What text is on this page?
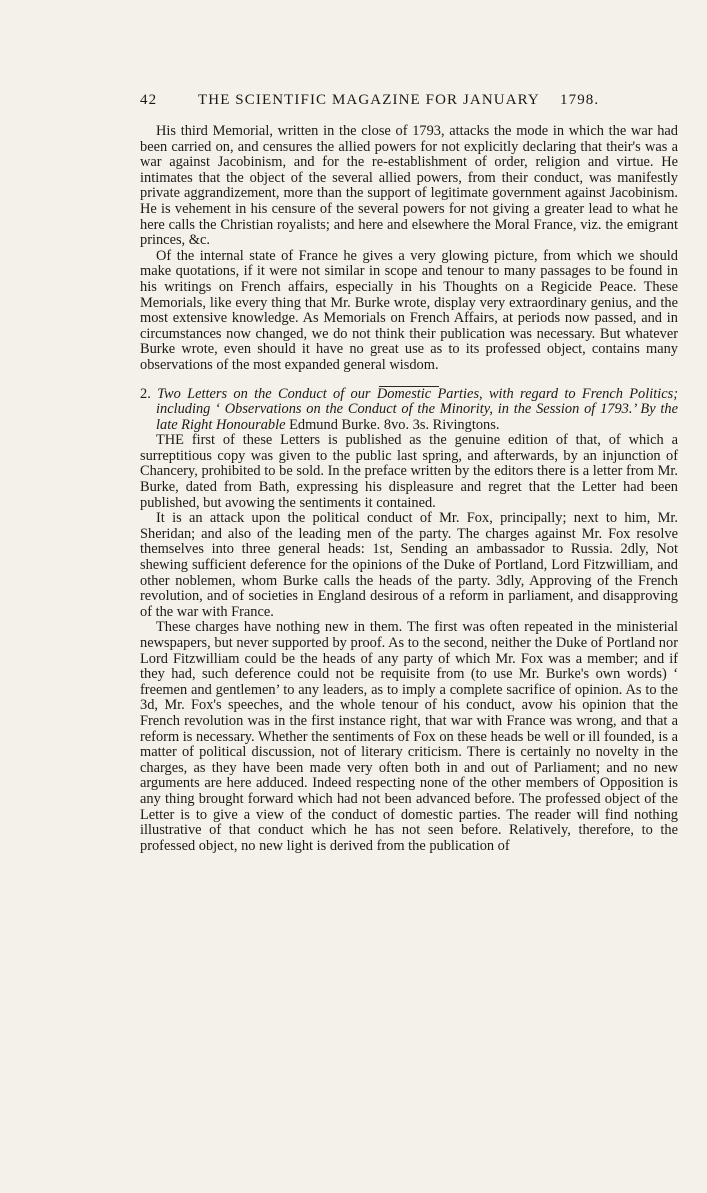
42	THE SCIENTIFIC MAGAZINE FOR JANUARY 1798.

His third Memorial, written in the close of 1793, attacks the mode in which the war had been carried on, and censures the allied powers for not explicitly declaring that their's was a war against Jacobinism, and for the re-establishment of order, religion and virtue. He intimates that the object of the several allied powers, from their conduct, was manifestly private aggrandizement, more than the support of legitimate government against Jacobinism. He is vehement in his censure of the several powers for not giving a greater lead to what he here calls the Christian royalists; and here and elsewhere the Moral France, viz. the emigrant princes, &c.

Of the internal state of France he gives a very glowing picture, from which we should make quotations, if it were not similar in scope and tenour to many passages to be found in his writings on French affairs, especially in his Thoughts on a Regicide Peace. These Memorials, like every thing that Mr. Burke wrote, display very extraordinary genius, and the most extensive knowledge. As Memorials on French Affairs, at periods now passed, and in circumstances now changed, we do not think their publication was necessary. But whatever Burke wrote, even should it have no great use as to its professed object, contains many observations of the most expanded general wisdom.

2. Two Letters on the Conduct of our Domestic Parties, with regard to French Politics; including ‘ Observations on the Conduct of the Minority, in the Session of 1793.’ By the late Right Honourable Edmund Burke. 8vo. 3s. Rivingtons.

THE first of these Letters is published as the genuine edition of that, of which a surreptitious copy was given to the public last spring, and afterwards, by an injunction of Chancery, prohibited to be sold. In the preface written by the editors there is a letter from Mr. Burke, dated from Bath, expressing his displeasure and regret that the Letter had been published, but avowing the sentiments it contained.

It is an attack upon the political conduct of Mr. Fox, principally; next to him, Mr. Sheridan; and also of the leading men of the party. The charges against Mr. Fox resolve themselves into three general heads: 1st, Sending an ambassador to Russia. 2dly, Not shewing sufficient deference for the opinions of the Duke of Portland, Lord Fitzwilliam, and other noblemen, whom Burke calls the heads of the party. 3dly, Approving of the French revolution, and of societies in England desirous of a reform in parliament, and disapproving of the war with France.

These charges have nothing new in them. The first was often repeated in the ministerial newspapers, but never supported by proof. As to the second, neither the Duke of Portland nor Lord Fitzwilliam could be the heads of any party of which Mr. Fox was a member; and if they had, such deference could not be requisite from (to use Mr. Burke's own words) ‘ freemen and gentlemen’ to any leaders, as to imply a complete sacrifice of opinion. As to the 3d, Mr. Fox's speeches, and the whole tenour of his conduct, avow his opinion that the French revolution was in the first instance right, that war with France was wrong, and that a reform is necessary. Whether the sentiments of Fox on these heads be well or ill founded, is a matter of political discussion, not of literary criticism. There is certainly no novelty in the charges, as they have been made very often both in and out of Parliament; and no new arguments are here adduced. Indeed respecting none of the other members of Opposition is any thing brought forward which had not been advanced before. The professed object of the Letter is to give a view of the conduct of domestic parties. The reader will find nothing illustrative of that conduct which he has not seen before. Relatively, therefore, to the professed object, no new light is derived from the publication of
